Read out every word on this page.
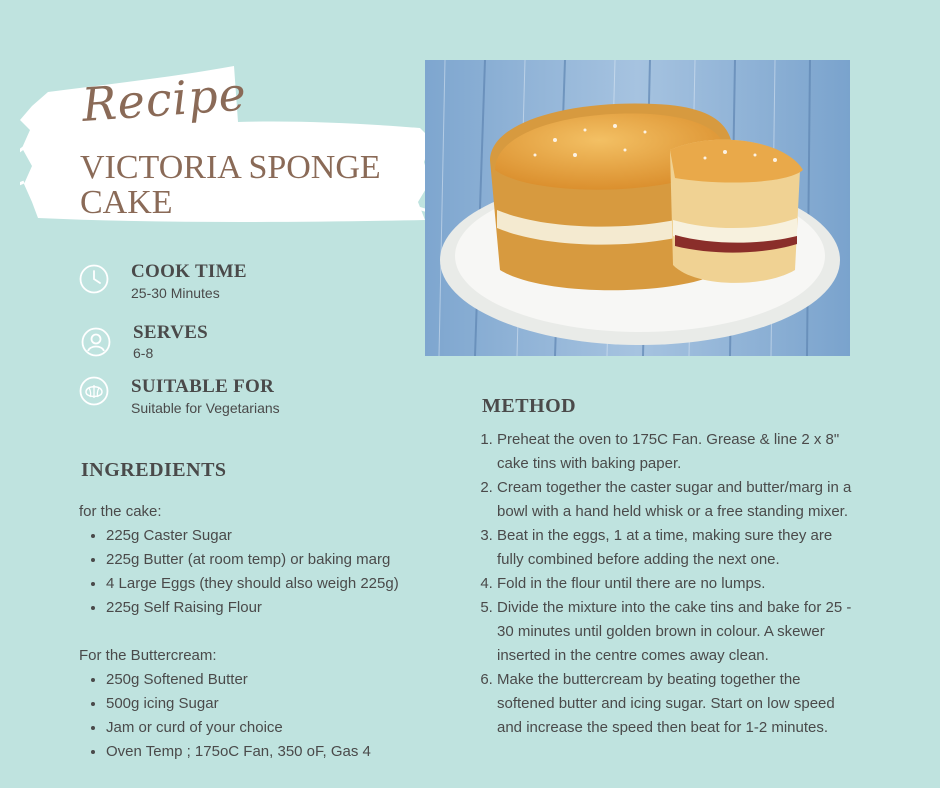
Recipe
VICTORIA SPONGE CAKE
COOK TIME
25-30 Minutes
SERVES
6-8
SUITABLE FOR
Suitable for Vegetarians
INGREDIENTS
for the cake:
• 225g Caster Sugar
• 225g Butter (at room temp) or baking marg
• 4 Large Eggs (they should also weigh 225g)
• 225g Self Raising Flour
For the Buttercream:
• 250g Softened Butter
• 500g icing Sugar
• Jam or curd of your choice
• Oven Temp ; 175oC Fan, 350 oF, Gas 4
METHOD
1. Preheat the oven to 175C Fan. Grease & line 2 x 8" cake tins with baking paper.
2. Cream together the caster sugar and butter/marg in a bowl with a hand held whisk or a free standing mixer.
3. Beat in the eggs, 1 at a time, making sure they are fully combined before adding the next one.
4. Fold in the flour until there are no lumps.
5. Divide the mixture into the cake tins and bake for 25 - 30 minutes until golden brown in colour. A skewer inserted in the centre comes away clean.
6. Make the buttercream by beating together the softened butter and icing sugar. Start on low speed and increase the speed then beat for 1-2 minutes.
